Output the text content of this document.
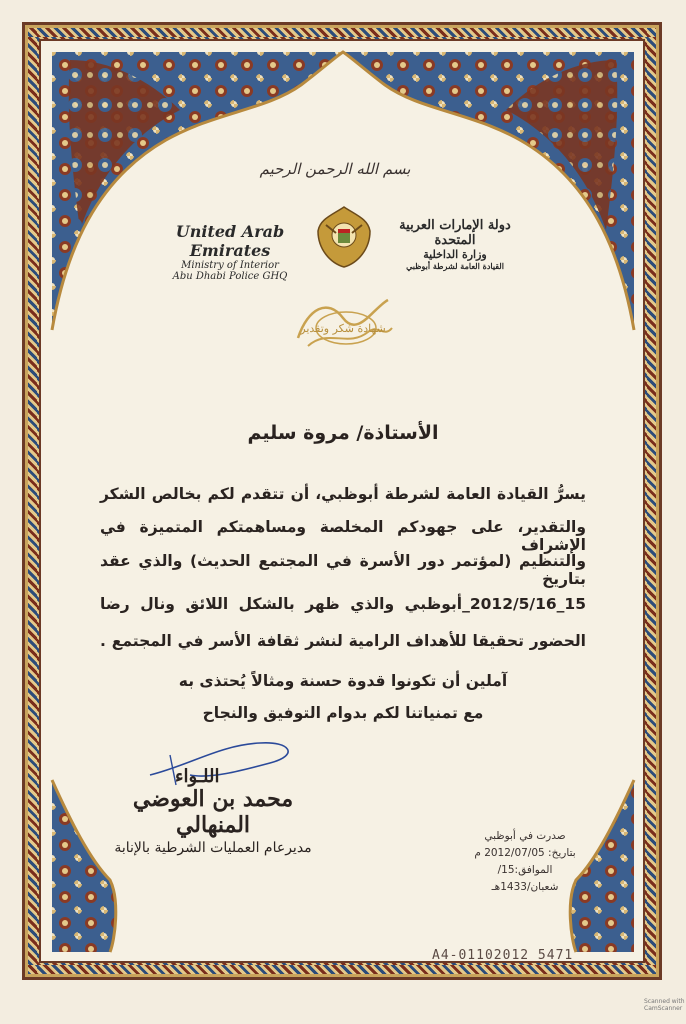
بسم الله الرحمن الرحيم
United Arab Emirates
Ministry of Interior
Abu Dhabi Police GHQ
دولة الإمارات العربية المتحدة
وزارة الداخلية
القيادة العامة لشرطة أبوظبي
شهادة شكر وتقدير
الأستاذة/ مروة سليم
يسرُّ القيادة العامة لشرطة أبوظبي، أن تتقدم لكم بخالص الشكر
والتقدير، على جهودكم المخلصة ومساهمتكم المتميزة في الإشراف
والتنظيم (لمؤتمر دور الأسرة في المجتمع الحديث) والذي عقد بتاريخ
15_2012/5/16_أبوظبي والذي ظهر بالشكل اللائق ونال رضا
الحضور تحقيقا للأهداف الرامية لنشر ثقافة الأسر في المجتمع .
آملين أن تكونوا قدوة حسنة ومثالاً يُحتذى به
مع تمنياتنا لكم بدوام التوفيق والنجاح
اللـواء
محمد بن العوضي المنهالي
مديرعام العمليات الشرطية بالإنابة
صدرت في أبوظبي
بتاريخ: 2012/07/05 م
الموافق:15/شعبان/1433هـ
A4-01102012 5471
Scanned with CamScanner
